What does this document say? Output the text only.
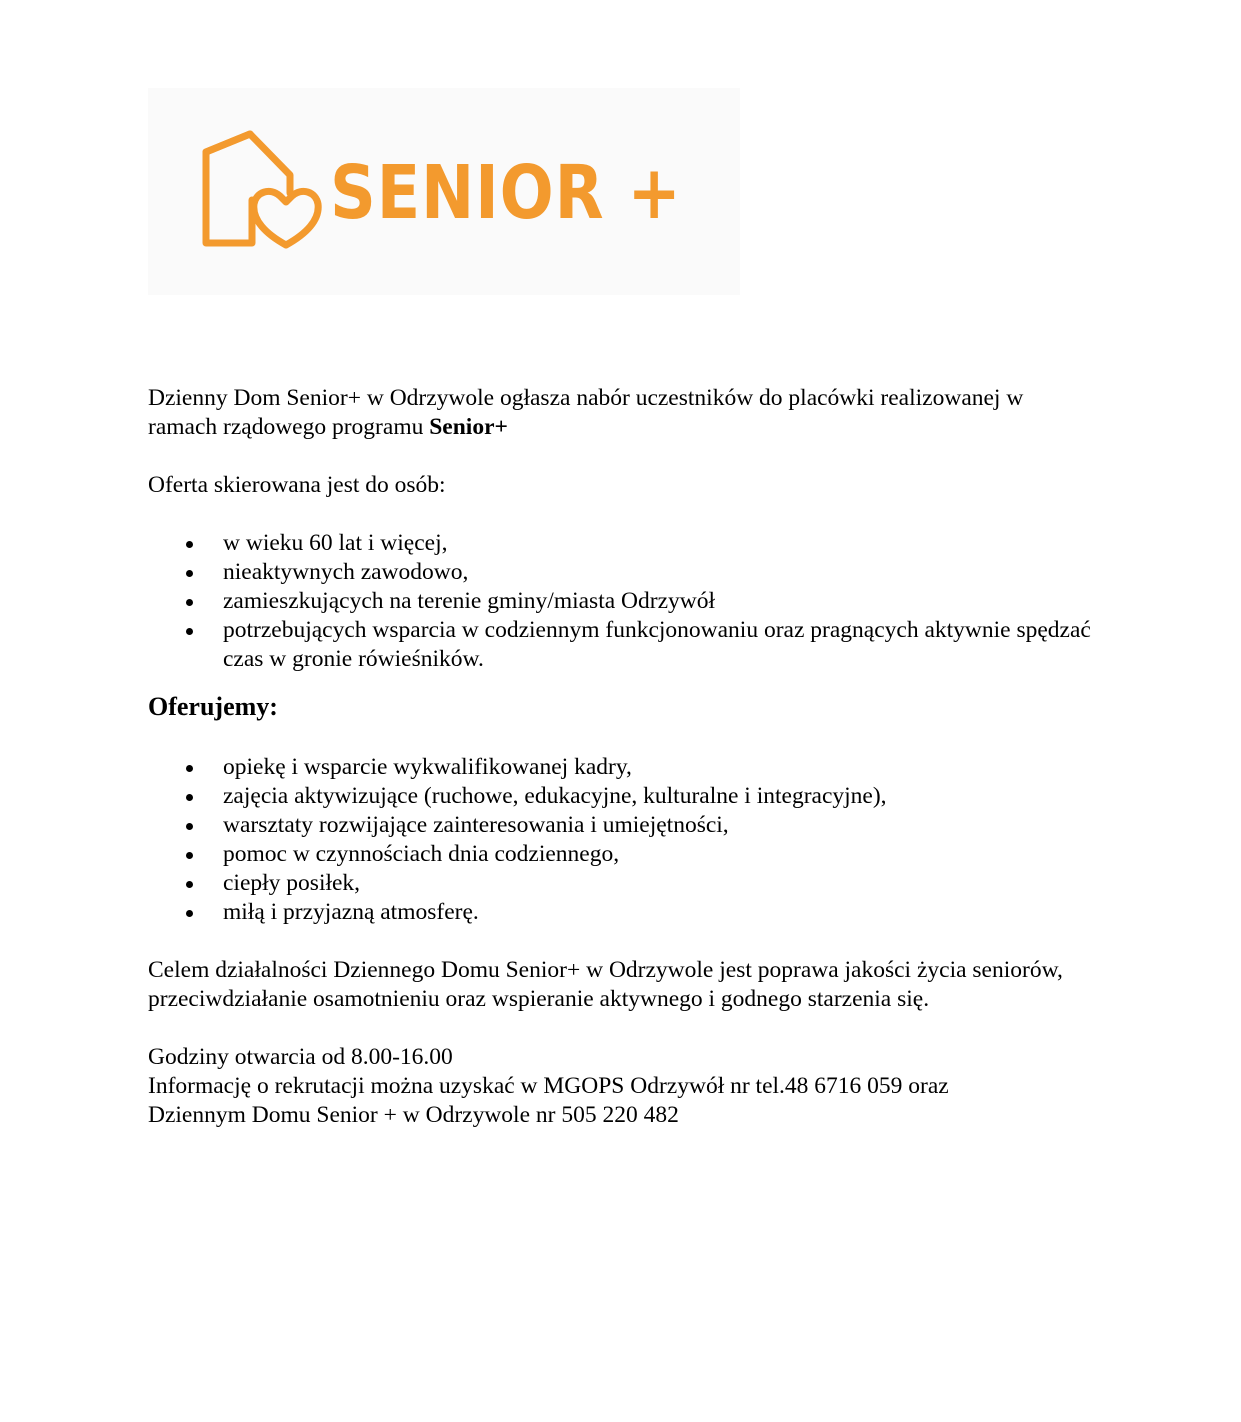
SENIOR +

Dzienny Dom Senior+ w Odrzywole ogłasza nabór uczestników do placówki realizowanej w ramach rządowego programu Senior+

Oferta skierowana jest do osób:

w wieku 60 lat i więcej,
nieaktywnych zawodowo,
zamieszkujących na terenie gminy/miasta Odrzywół
potrzebujących wsparcia w codziennym funkcjonowaniu oraz pragnących aktywnie spędzać czas w gronie rówieśników.

Oferujemy:

opiekę i wsparcie wykwalifikowanej kadry,
zajęcia aktywizujące (ruchowe, edukacyjne, kulturalne i integracyjne),
warsztaty rozwijające zainteresowania i umiejętności,
pomoc w czynnościach dnia codziennego,
ciepły posiłek,
miłą i przyjazną atmosferę.

Celem działalności Dziennego Domu Senior+ w Odrzywole jest poprawa jakości życia seniorów, przeciwdziałanie osamotnieniu oraz wspieranie aktywnego i godnego starzenia się.

Godziny otwarcia od 8.00-16.00

Informację o rekrutacji można uzyskać w MGOPS Odrzywół nr tel.48 6716 059 oraz

Dziennym Domu Senior + w Odrzywole nr 505 220 482
